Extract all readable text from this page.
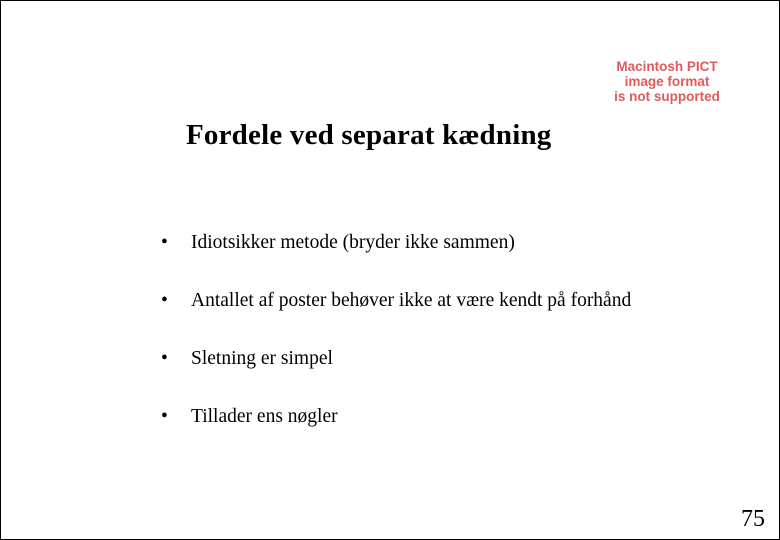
Macintosh PICT
image format
is not supported
Fordele ved separat kædning
• Idiotsikker metode (bryder ikke sammen)
• Antallet af poster behøver ikke at være kendt på forhånd
• Sletning er simpel
• Tillader ens nøgler
75
